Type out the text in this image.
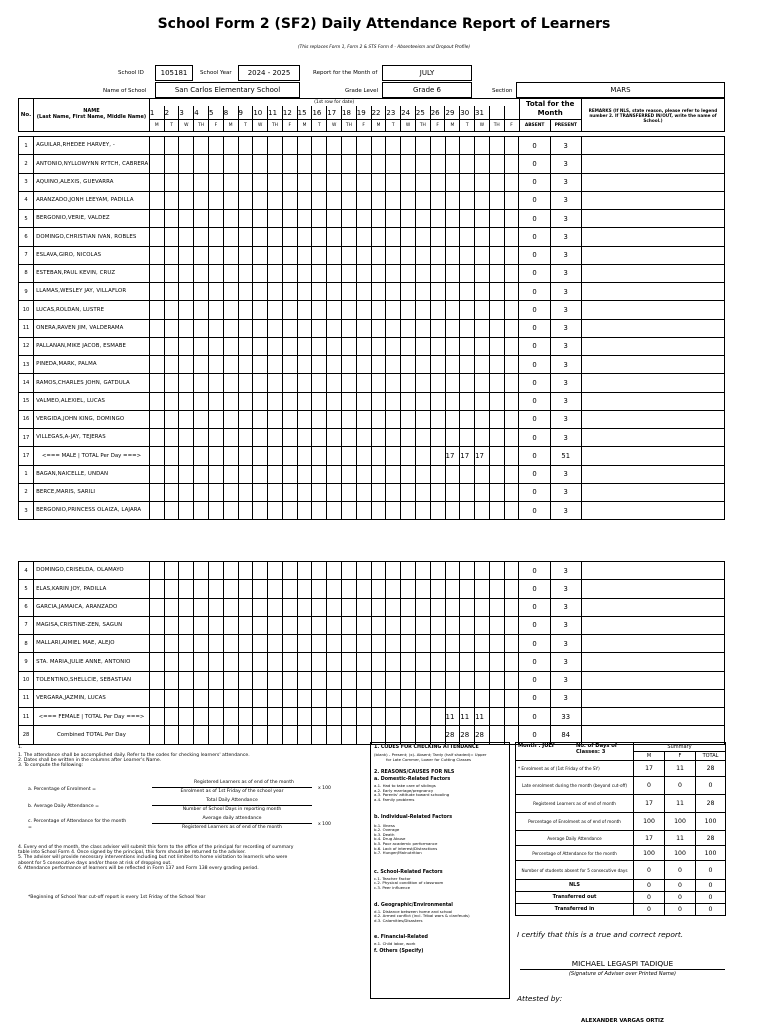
School Form 2 (SF2) Daily Attendance Report of Learners
(This replaces Form 1, Form 2 & STS Form 4 - Absenteeism and Dropout Profile)
School ID	105181	School Year	2024 - 2025	Report for the Month of	JULY
Name of School	San Carlos Elementary School	Grade Level	Grade 6	Section	MARS
No.	NAME
(Last Name, First Name, Middle Name)	(1st row for date)																									Total for the Month		REMARKS (If NLS, state reason, please refer to legend number 2. If TRANSFERRED IN/OUT, write the name of School.)
		1	2	3	4	5	8	9	10	11	12	15	16	17	18	19	22	23	24	25	26	29	30	31					
		M	T	W	TH	F	M	T	W	TH	F	M	T	W	TH	F	M	T	W	TH	F	M	T	W	TH	F	ABSENT	PRESENT	
1	AGUILAR,RHEDEE HARVEY, -																										0	3	
2	ANTONIO,NYLLOWYNN RYTCH, CABRERA																										0	3	
3	AQUINO,ALEXIS, GUEVARRA																										0	3	
4	ARANZADO,JONH LEEYAM, PADILLA																										0	3	
5	BERGONIO,VERIE, VALDEZ																										0	3	
6	DOMINGO,CHRISTIAN IVAN, ROBLES																										0	3	
7	ESLAVA,GIRO, NICOLAS																										0	3	
8	ESTEBAN,PAUL KEVIN, CRUZ																										0	3	
9	LLAMAS,WESLEY JAY, VILLAFLOR																										0	3	
10	LUCAS,ROLDAN, LUSTRE																										0	3	
11	ONERA,RAVEN JIM, VALDERAMA																										0	3	
12	PALLANAN,MIKE JACOB, ESMABE																										0	3	
13	PINEDA,MARK, PALMA																										0	3	
14	RAMOS,CHARLES JOHN, GATDULA																										0	3	
15	VALMEO,ALEXIEL, LUCAS																										0	3	
16	VERGIDA,JOHN KING, DOMINGO																										0	3	
17	VILLEGAS,A-JAY, TEJERAS																										0	3	
17	<=== MALE | TOTAL Per Day ===>																					17	17	17			0	51	
1	BAGAN,NAICELLE, UNDAN																										0	3	
2	BERCE,MARIS, SARILI																										0	3	
3	BERGONIO,PRINCESS OLAIZA, LAJARA																										0	3	
4	DOMINGO,CRISELDA, OLAMAYO																										0	3	
5	ELAS,KARIN JOY, PADILLA																										0	3	
6	GARCIA,JAMAICA, ARANZADO																										0	3	
7	MAGISA,CRISTINE-ZEN, SAGUN																										0	3	
8	MALLARI,AIMIEL MAE, ALEJO																										0	3	
9	STA. MARIA,JULIE ANNE, ANTONIO																										0	3	
10	TOLENTINO,SHELLCIE, SEBASTIAN																										0	3	
11	VERGARA,JAZMIN, LUCAS																										0	3	
11	<=== FEMALE | TOTAL Per Day ===>																					11	11	11			0	33	
28	Combined TOTAL Per Day																					28	28	28			0	84	
1.
1. The attendance shall be accomplished daily. Refer to the codes for checking learners' attendance.
2. Dates shall be written in the columns after Learner's Name.
3. To compute the following:
a. Percentage of Enrolment =
Registered Learners as of end of the month
Enrolment as of 1st Friday of the school year
x 100
b. Average Daily Attendance =
Total Daily Attendance
Number of School Days in reporting month
c. Percentage of Attendance for the month
=
Average daily attendance
Registered Learners as of end of the month
x 100
4. Every end of the month, the class adviser will submit this form to the office of the principal for recording of summary
table into School Form 4. Once signed by the principal, this form should be returned to the adviser.
5. The adviser will provide necessary interventions including but not limited to home visitation to learner/s who were
absent for 5 consecutive days and/or those at risk of dropping out.
6. Attendance performance of learners will be reflected in Form 137 and Form 138 every grading period.
*Beginning of School Year cut-off report is every 1st Friday of the School Year
1. CODES FOR CHECKING ATTENDANCE
(blank) - Present; (x)- Absent; Tardy (half shaded)= Upper
for Late Commer, Lower for Cutting Classes
2. REASONS/CAUSES FOR NLS
a. Domestic-Related Factors
a.1. Had to take care of siblings
a.2. Early marriage/pregnancy
a.3. Parents' attitude toward schooling
a.4. Family problems
b. Individual-Related Factors
b.1. Illness
b.2. Overage
b.3. Death
b.4. Drug Abuse
b.5. Poor academic performance
b.6. Lack of interest/Distractions
b.7. Hunger/Malnutrition
c. School-Related Factors
c.1. Teacher Factor
c.2. Physical condition of classroom
c.3. Peer influence
d. Geographic/Environmental
d.1. Distance between home and school
d.2. Armed conflict (incl. Tribal wars & clanfeuds)
d.3. Calamities/Disasters
e. Financial-Related
e.1. Child labor, work
f. Others (Specify)
Month : JULY	Summary		
	M	F	TOTAL
* Enrolment as of (1st Friday of the SY)	17	11	28
Late enrolment during the month (beyond cut-off)	0	0	0
Registered Learners as of end of month	17	11	28
Percentage of Enrolment as of end of month	100	100	100
Average Daily Attendance	17	11	28
Percentage of Attendance for the month	100	100	100
Number of students absent for 5 consecutive days	0	0	0
NLS	0	0	0
Transferred out	0	0	0
Transferred in	0	0	0
No. of Days of Classes: 3
I certify that this is a true and correct report.
MICHAEL LEGASPI TADIQUE
(Signature of Adviser over Printed Name)
Attested by:
ALEXANDER VARGAS ORTIZ
